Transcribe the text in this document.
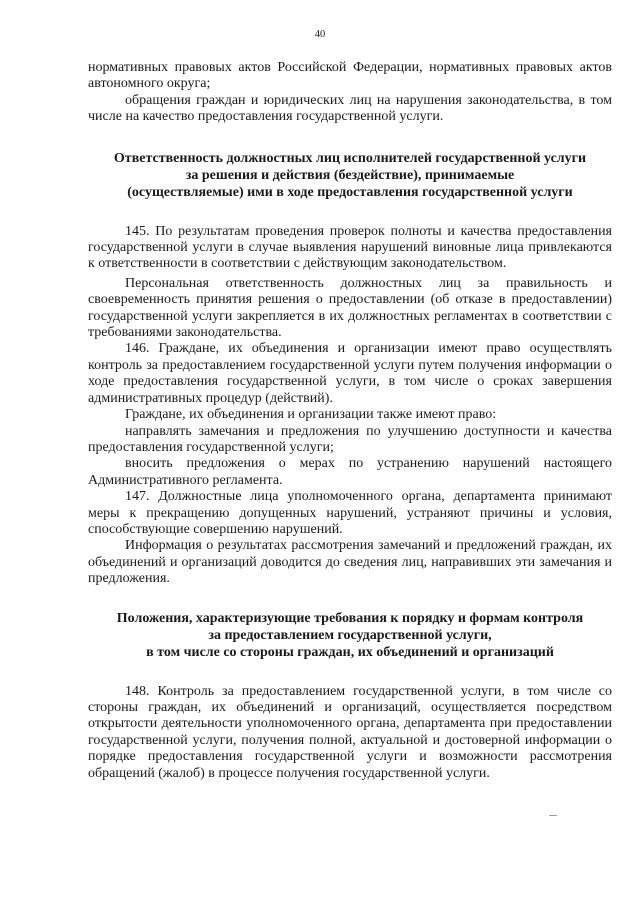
40

нормативных правовых актов Российской Федерации, нормативных правовых актов автономного округа;

обращения граждан и юридических лиц на нарушения законодательства, в том числе на качество предоставления государственной услуги.

Ответственность должностных лиц исполнителей государственной услуги
за решения и действия (бездействие), принимаемые
(осуществляемые) ими в ходе предоставления государственной услуги

145. По результатам проведения проверок полноты и качества предоставления государственной услуги в случае выявления нарушений виновные лица привлекаются к ответственности в соответствии с действующим законодательством.

Персональная ответственность должностных лиц за правильность и своевременность принятия решения о предоставлении (об отказе в предоставлении) государственной услуги закрепляется в их должностных регламентах в соответствии с требованиями законодательства.

146. Граждане, их объединения и организации имеют право осуществлять контроль за предоставлением государственной услуги путем получения информации о ходе предоставления государственной услуги, в том числе о сроках завершения административных процедур (действий).

Граждане, их объединения и организации также имеют право:

направлять замечания и предложения по улучшению доступности и качества предоставления государственной услуги;

вносить предложения о мерах по устранению нарушений настоящего Административного регламента.

147. Должностные лица уполномоченного органа, департамента принимают меры к прекращению допущенных нарушений, устраняют причины и условия, способствующие совершению нарушений.

Информация о результатах рассмотрения замечаний и предложений граждан, их объединений и организаций доводится до сведения лиц, направивших эти замечания и предложения.

Положения, характеризующие требования к порядку и формам контроля
за предоставлением государственной услуги,
в том числе со стороны граждан, их объединений и организаций

148. Контроль за предоставлением государственной услуги, в том числе со стороны граждан, их объединений и организаций, осуществляется посредством открытости деятельности уполномоченного органа, департамента при предоставлении государственной услуги, получения полной, актуальной и достоверной информации о порядке предоставления государственной услуги и возможности рассмотрения обращений (жалоб) в процессе получения государственной услуги.
